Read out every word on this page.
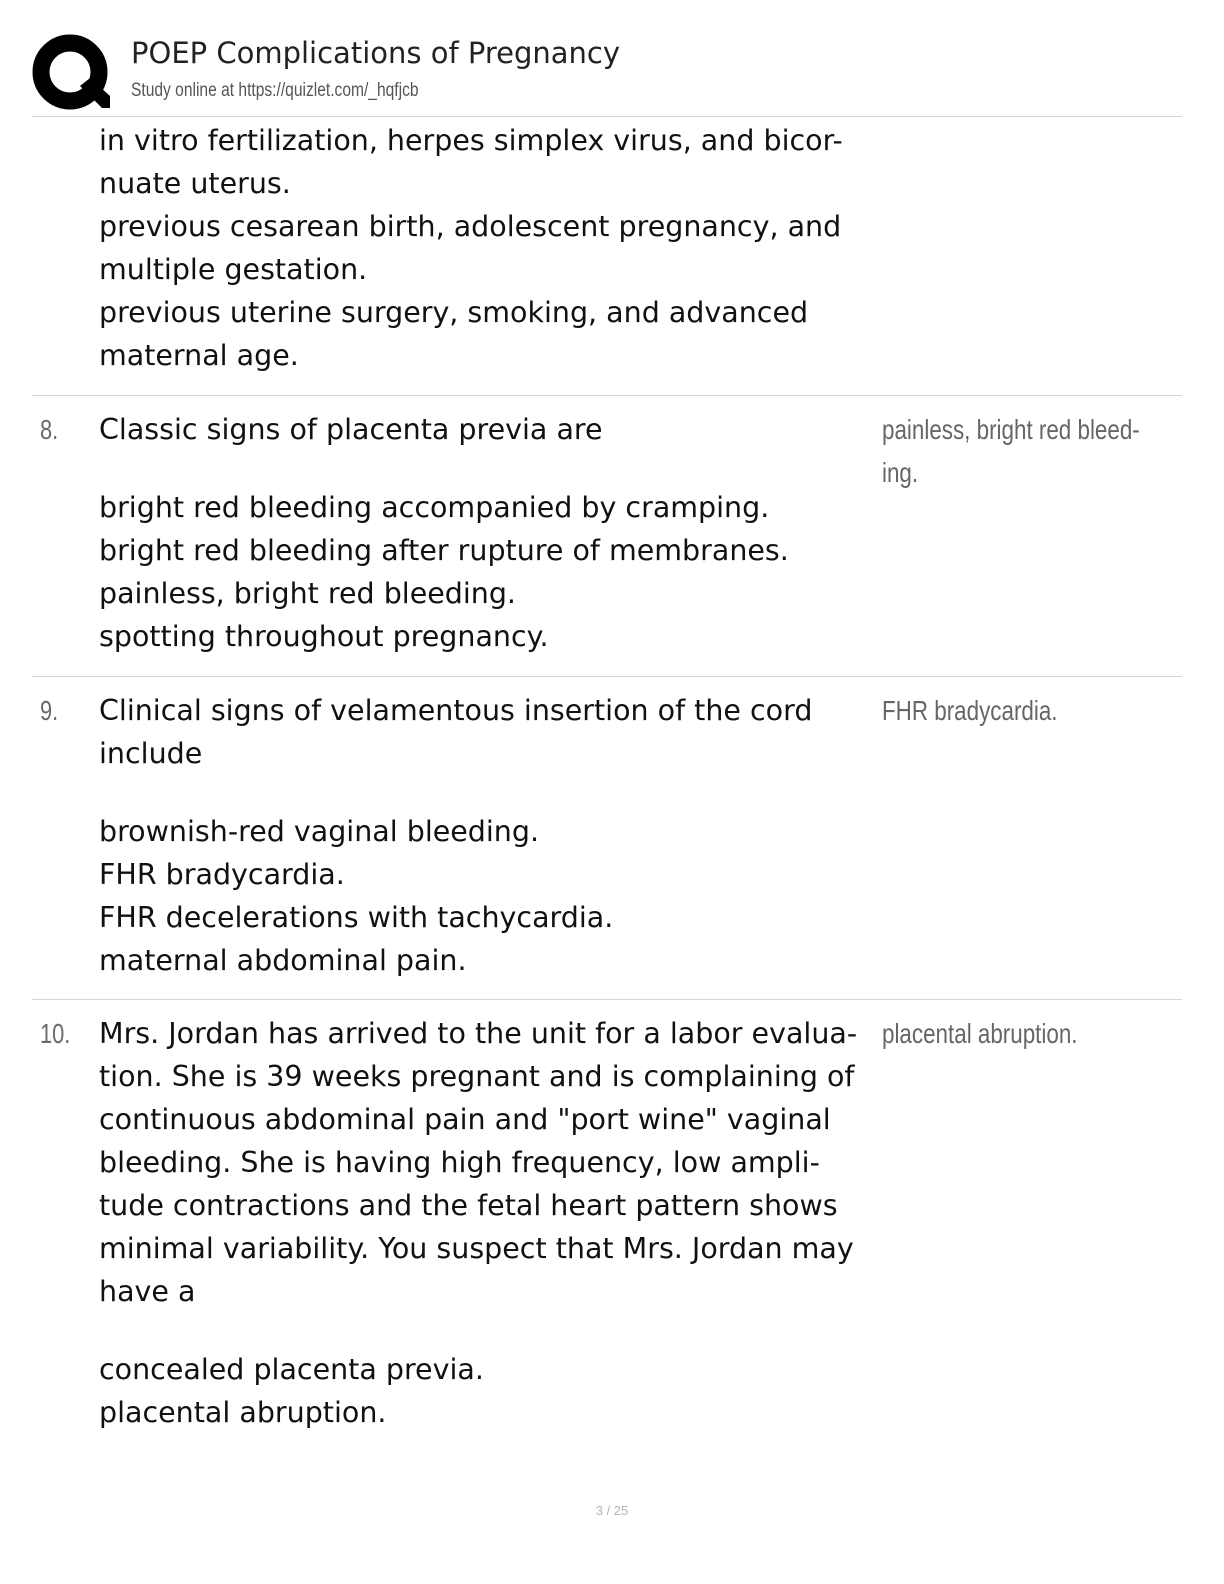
POEP Complications of Pregnancy
Study online at https://quizlet.com/_hqfjcb
in vitro fertilization, herpes simplex virus, and bicor-
nuate uterus.
previous cesarean birth, adolescent pregnancy, and
multiple gestation.
previous uterine surgery, smoking, and advanced
maternal age.
8. Classic signs of placenta previa are
bright red bleeding accompanied by cramping.
bright red bleeding after rupture of membranes.
painless, bright red bleeding.
spotting throughout pregnancy.
painless, bright red bleed-
ing.
9. Clinical signs of velamentous insertion of the cord
include
brownish-red vaginal bleeding.
FHR bradycardia.
FHR decelerations with tachycardia.
maternal abdominal pain.
FHR bradycardia.
10. Mrs. Jordan has arrived to the unit for a labor evalua-
tion. She is 39 weeks pregnant and is complaining of
continuous abdominal pain and "port wine" vaginal
bleeding. She is having high frequency, low ampli-
tude contractions and the fetal heart pattern shows
minimal variability. You suspect that Mrs. Jordan may
have a
concealed placenta previa.
placental abruption.
placental abruption.
3 / 25
